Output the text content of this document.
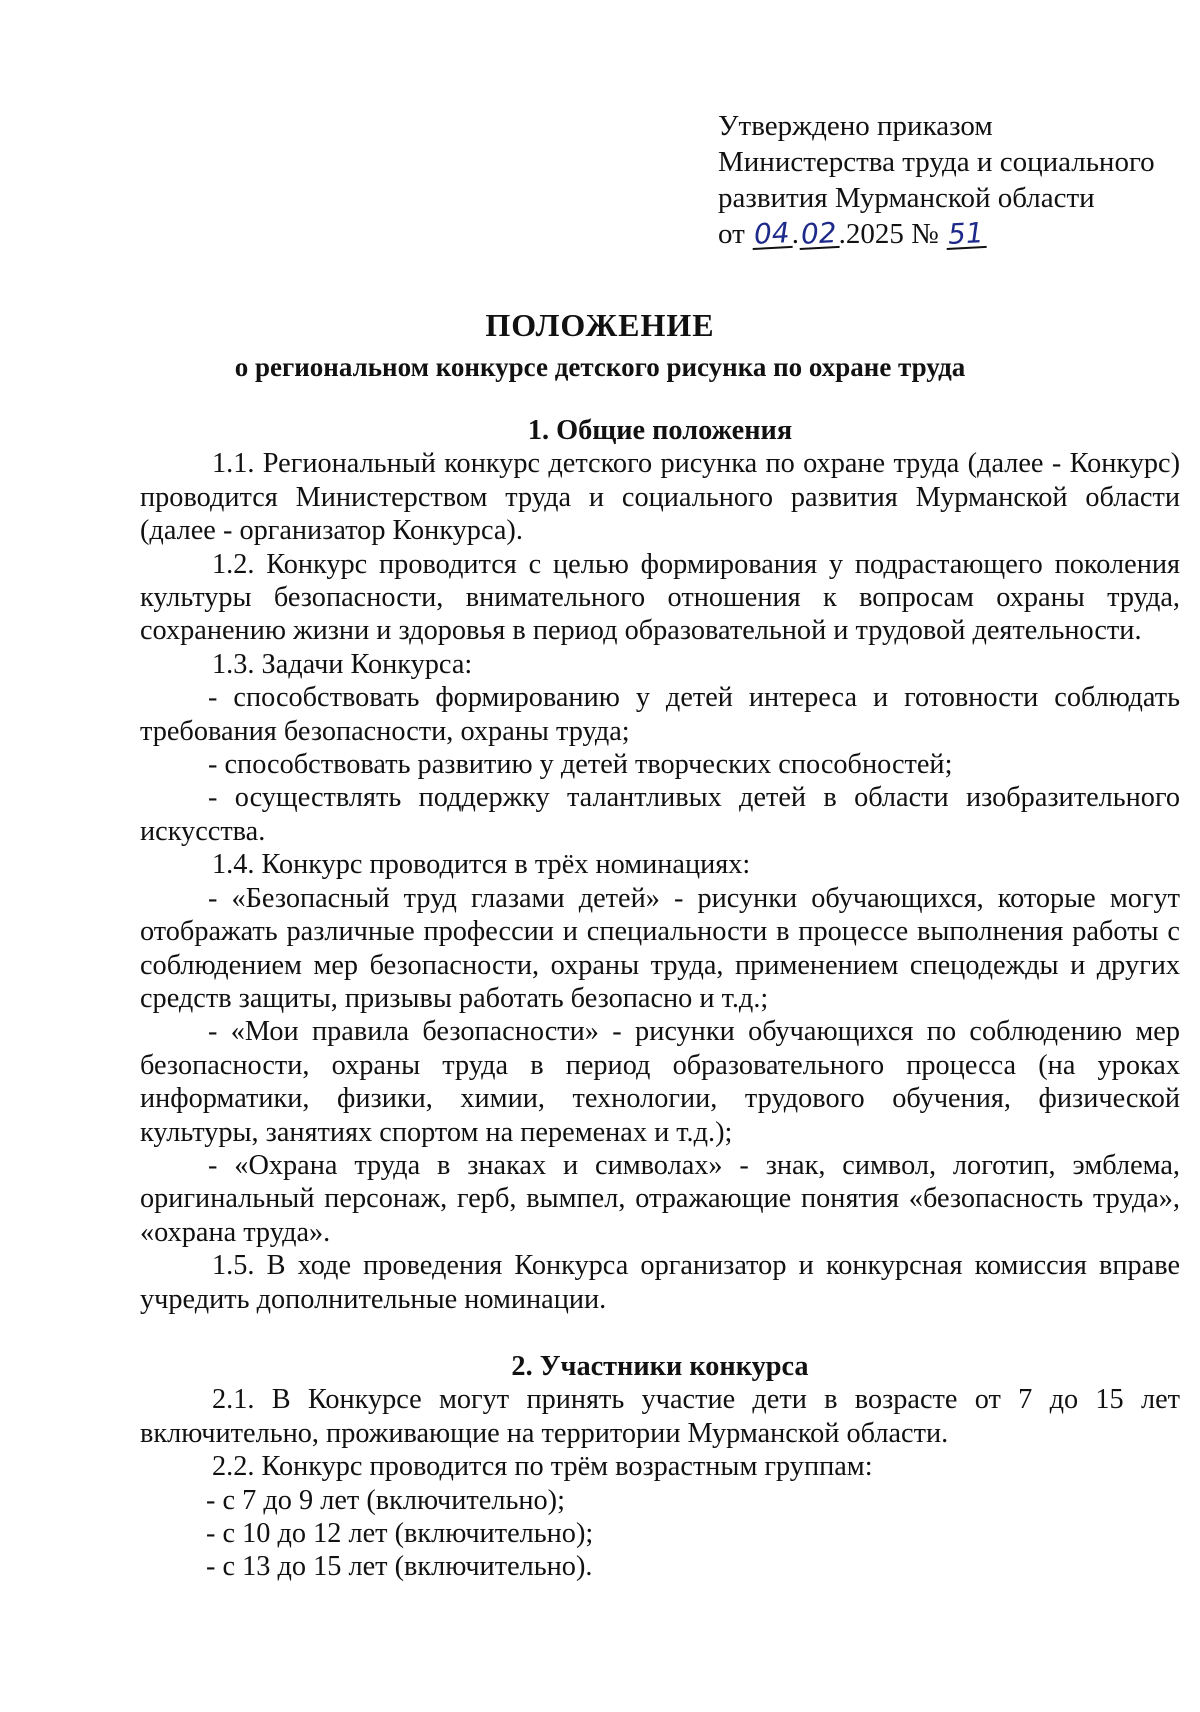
Утверждено приказом
Министерства труда и социального
развития Мурманской области
от 04.02.2025 № 51
ПОЛОЖЕНИЕ
о региональном конкурсе детского рисунка по охране труда

1. Общие положения

1.1. Региональный конкурс детского рисунка по охране труда (далее - Конкурс) проводится Министерством труда и социального развития Мурманской области (далее - организатор Конкурса).

1.2. Конкурс проводится с целью формирования у подрастающего поколения культуры безопасности, внимательного отношения к вопросам охраны труда, сохранению жизни и здоровья в период образовательной и трудовой деятельности.

1.3. Задачи Конкурса:

- способствовать формированию у детей интереса и готовности соблюдать требования безопасности, охраны труда;

- способствовать развитию у детей творческих способностей;

- осуществлять поддержку талантливых детей в области изобразительного искусства.

1.4. Конкурс проводится в трёх номинациях:

- «Безопасный труд глазами детей» - рисунки обучающихся, которые могут отображать различные профессии и специальности в процессе выполнения работы с соблюдением мер безопасности, охраны труда, применением спецодежды и других средств защиты, призывы работать безопасно и т.д.;

- «Мои правила безопасности» - рисунки обучающихся по соблюдению мер безопасности, охраны труда в период образовательного процесса (на уроках информатики, физики, химии, технологии, трудового обучения, физической культуры, занятиях спортом на переменах и т.д.);

- «Охрана труда в знаках и символах» - знак, символ, логотип, эмблема, оригинальный персонаж, герб, вымпел, отражающие понятия «безопасность труда», «охрана труда».

1.5. В ходе проведения Конкурса организатор и конкурсная комиссия вправе учредить дополнительные номинации.

2. Участники конкурса

2.1. В Конкурсе могут принять участие дети в возрасте от 7 до 15 лет включительно, проживающие на территории Мурманской области.

2.2. Конкурс проводится по трём возрастным группам:

- с 7 до 9 лет (включительно);

- с 10 до 12 лет (включительно);

- с 13 до 15 лет (включительно).
